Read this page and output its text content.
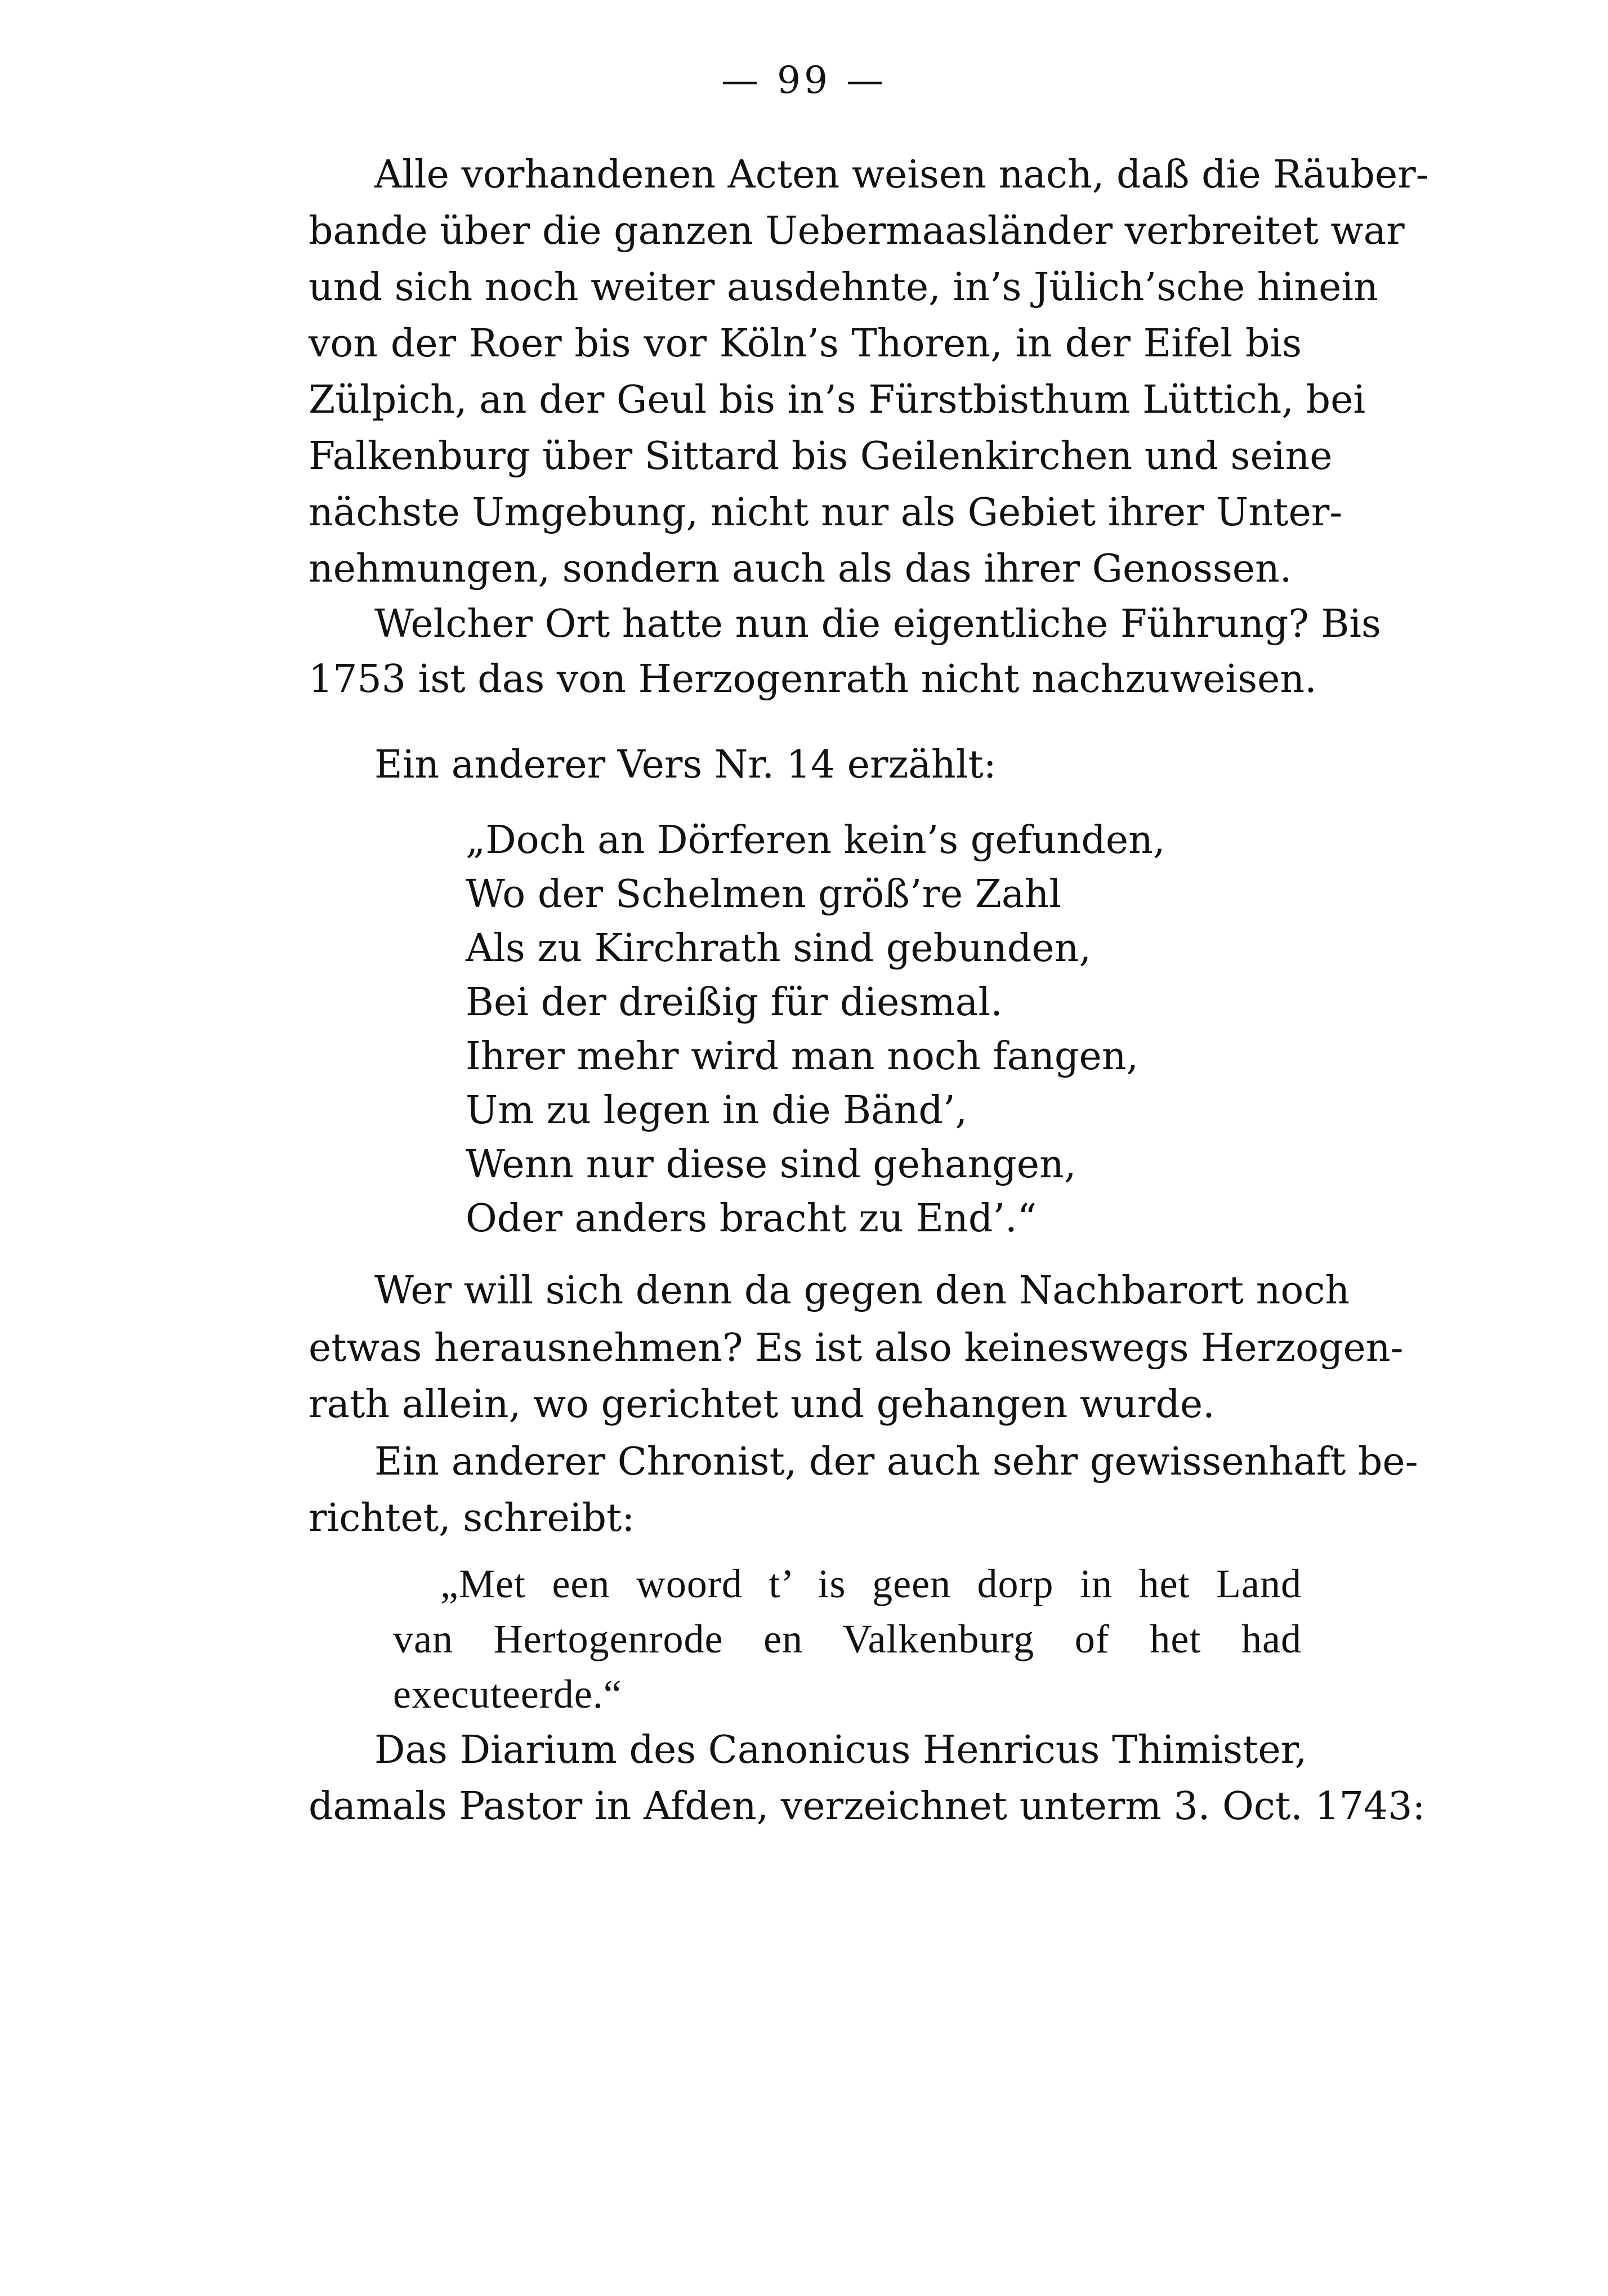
— 99 —
Alle vorhandenen Acten weisen nach, daß die Räuber-
bande über die ganzen Uebermaasländer verbreitet war
und sich noch weiter ausdehnte, in’s Jülich’sche hinein
von der Roer bis vor Köln’s Thoren, in der Eifel bis
Zülpich, an der Geul bis in’s Fürstbisthum Lüttich, bei
Falkenburg über Sittard bis Geilenkirchen und seine
nächste Umgebung, nicht nur als Gebiet ihrer Unter-
nehmungen, sondern auch als das ihrer Genossen.
Welcher Ort hatte nun die eigentliche Führung? Bis
1753 ist das von Herzogenrath nicht nachzuweisen.
Ein anderer Vers Nr. 14 erzählt:
„Doch an Dörferen kein’s gefunden,
Wo der Schelmen größ’re Zahl
Als zu Kirchrath sind gebunden,
Bei der dreißig für diesmal.
Ihrer mehr wird man noch fangen,
Um zu legen in die Bänd’,
Wenn nur diese sind gehangen,
Oder anders bracht zu End’.“
Wer will sich denn da gegen den Nachbarort noch
etwas herausnehmen? Es ist also keineswegs Herzogen-
rath allein, wo gerichtet und gehangen wurde.
Ein anderer Chronist, der auch sehr gewissenhaft be-
richtet, schreibt:
„Met een woord t’ is geen dorp in het Land
van Hertogenrode en Valkenburg of het had
executeerde.“
Das Diarium des Canonicus Henricus Thimister,
damals Pastor in Afden, verzeichnet unterm 3. Oct. 1743:
